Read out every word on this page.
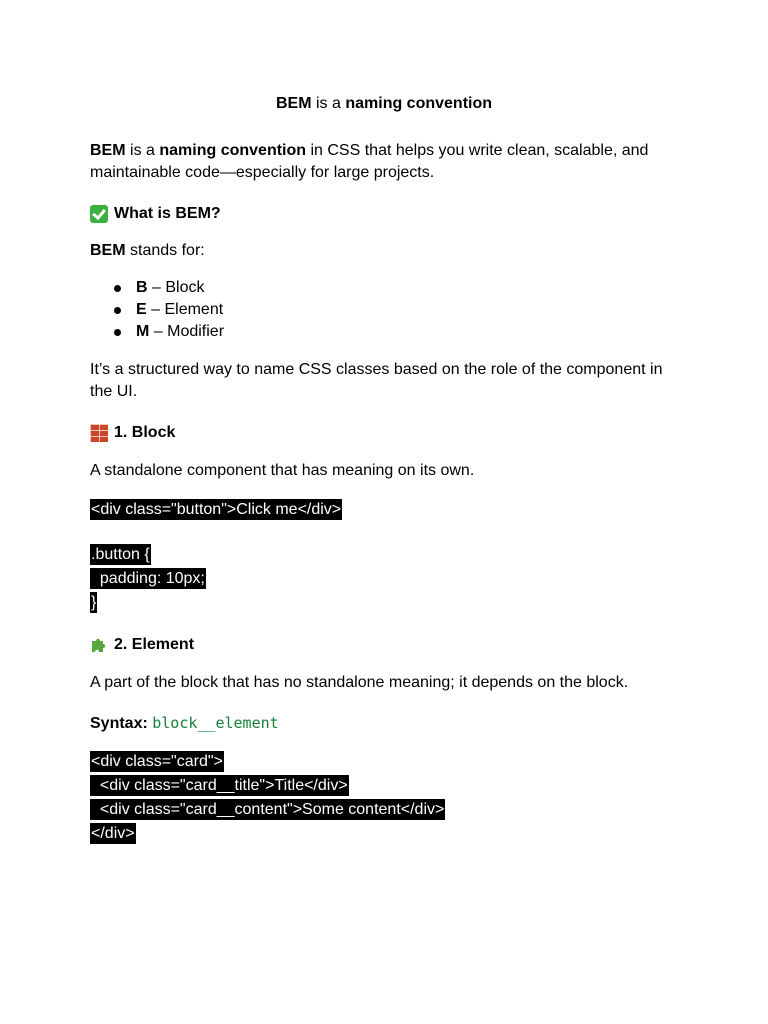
BEM is a naming convention

BEM is a naming convention in CSS that helps you write clean, scalable, and maintainable code—especially for large projects.

What is BEM?

BEM stands for:

B – Block
E – Element
M – Modifier

It’s a structured way to name CSS classes based on the role of the component in the UI.

1. Block

A standalone component that has meaning on its own.

<div class="button">Click me</div>
.button {
padding: 10px;
}
2. Element

A part of the block that has no standalone meaning; it depends on the block.

Syntax: block__element

<div class="card">
<div class="card__title">Title</div>
<div class="card__content">Some content</div>
</div>
